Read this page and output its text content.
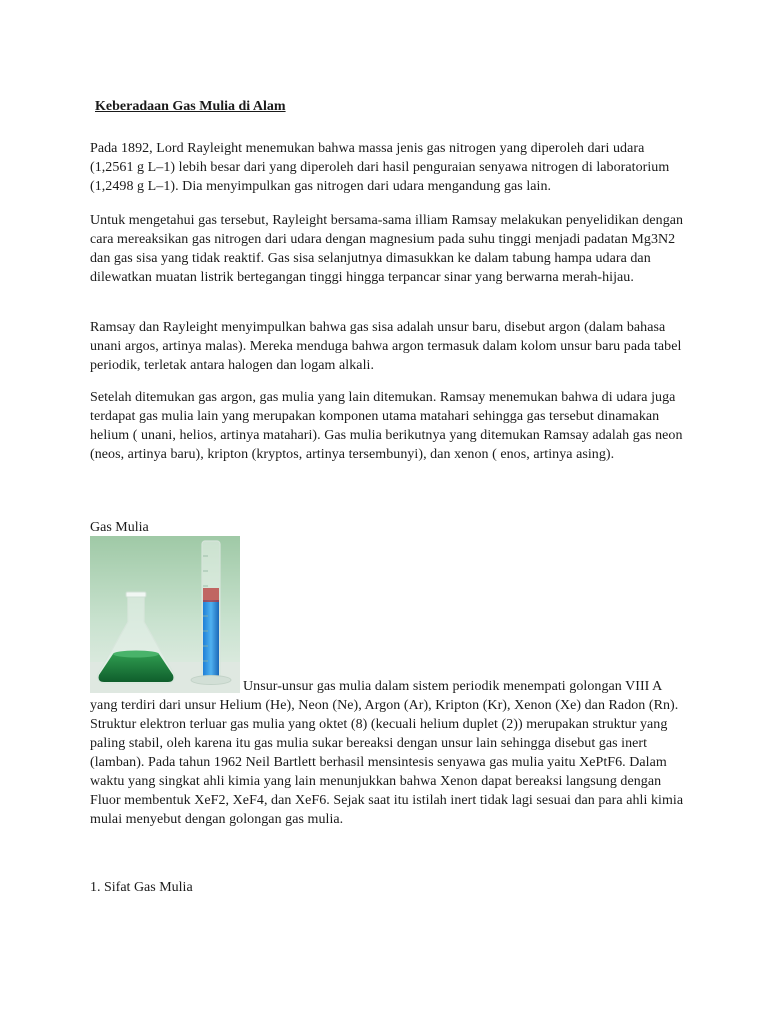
Keberadaan Gas Mulia di Alam

Pada 1892, Lord Rayleight menemukan bahwa massa jenis gas nitrogen yang diperoleh dari udara (1,2561 g L–1) lebih besar dari yang diperoleh dari hasil penguraian senyawa nitrogen di laboratorium (1,2498 g L–1). Dia menyimpulkan gas nitrogen dari udara mengandung gas lain.

Untuk mengetahui gas tersebut, Rayleight bersama-sama illiam Ramsay melakukan penyelidikan dengan cara mereaksikan gas nitrogen dari udara dengan magnesium pada suhu tinggi menjadi padatan Mg3N2 dan gas sisa yang tidak reaktif. Gas sisa selanjutnya dimasukkan ke dalam tabung hampa udara dan dilewatkan muatan listrik bertegangan tinggi hingga terpancar sinar yang berwarna merah-hijau.

Ramsay dan Rayleight menyimpulkan bahwa gas sisa adalah unsur baru, disebut argon (dalam bahasa unani argos, artinya malas). Mereka menduga bahwa argon termasuk dalam kolom unsur baru pada tabel periodik, terletak antara halogen dan logam alkali.

Setelah ditemukan gas argon, gas mulia yang lain ditemukan. Ramsay menemukan bahwa di udara juga terdapat gas mulia lain yang merupakan komponen utama matahari sehingga gas tersebut dinamakan helium ( unani, helios, artinya matahari). Gas mulia berikutnya yang ditemukan Ramsay adalah gas neon (neos, artinya baru), kripton (kryptos, artinya tersembunyi), dan xenon ( enos, artinya asing).

Gas Mulia

Unsur-unsur gas mulia dalam sistem periodik menempati golongan VIII A yang terdiri dari unsur Helium (He), Neon (Ne), Argon (Ar), Kripton (Kr), Xenon (Xe) dan Radon (Rn). Struktur elektron terluar gas mulia yang oktet (8) (kecuali helium duplet (2)) merupakan struktur yang paling stabil, oleh karena itu gas mulia sukar bereaksi dengan unsur lain sehingga disebut gas inert (lamban). Pada tahun 1962 Neil Bartlett berhasil mensintesis senyawa gas mulia yaitu XePtF6. Dalam waktu yang singkat ahli kimia yang lain menunjukkan bahwa Xenon dapat bereaksi langsung dengan Fluor membentuk XeF2, XeF4, dan XeF6. Sejak saat itu istilah inert tidak lagi sesuai dan para ahli kimia mulai menyebut dengan golongan gas mulia.

1. Sifat Gas Mulia
